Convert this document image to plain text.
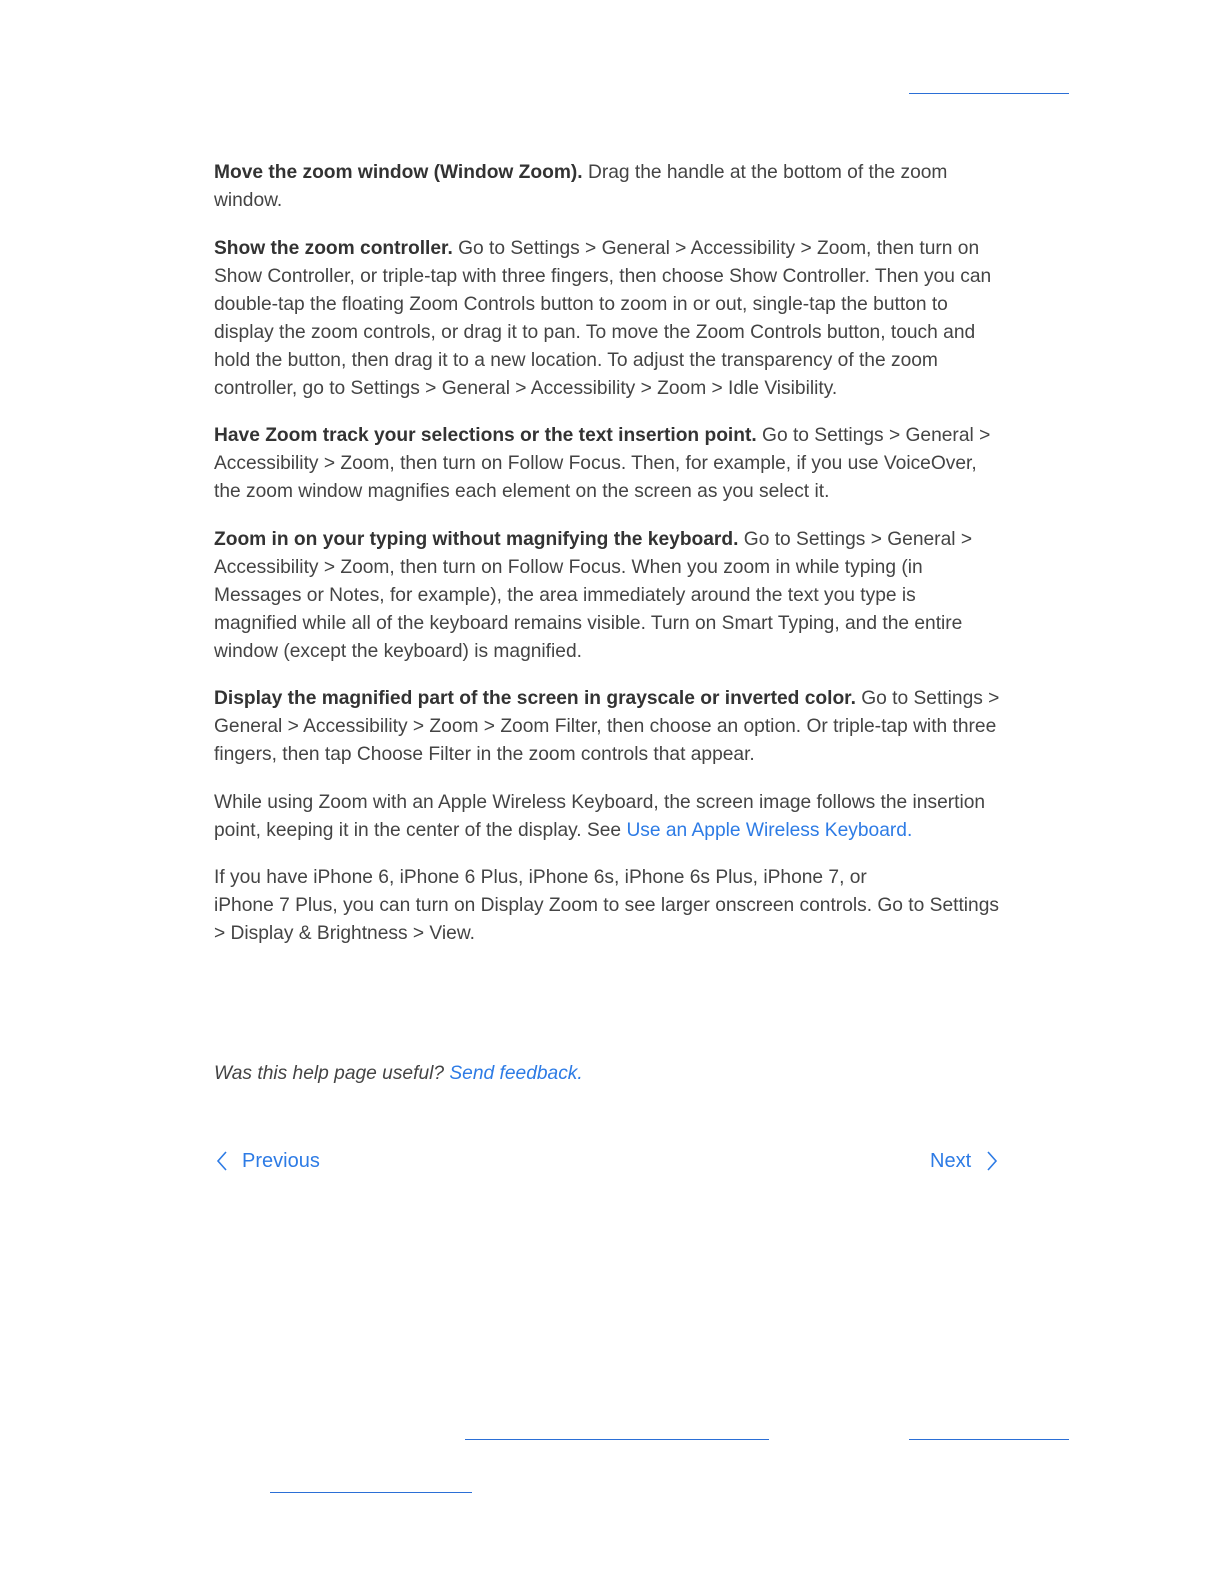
Move the zoom window (Window Zoom). Drag the handle at the bottom of the zoom window.

Show the zoom controller. Go to Settings > General > Accessibility > Zoom, then turn on Show Controller, or triple-tap with three fingers, then choose Show Controller. Then you can double-tap the floating Zoom Controls button to zoom in or out, single-tap the button to display the zoom controls, or drag it to pan. To move the Zoom Controls button, touch and hold the button, then drag it to a new location. To adjust the transparency of the zoom controller, go to Settings > General > Accessibility > Zoom > Idle Visibility.

Have Zoom track your selections or the text insertion point. Go to Settings > General > Accessibility > Zoom, then turn on Follow Focus. Then, for example, if you use VoiceOver, the zoom window magnifies each element on the screen as you select it.

Zoom in on your typing without magnifying the keyboard. Go to Settings > General > Accessibility > Zoom, then turn on Follow Focus. When you zoom in while typing (in Messages or Notes, for example), the area immediately around the text you type is magnified while all of the keyboard remains visible. Turn on Smart Typing, and the entire window (except the keyboard) is magnified.

Display the magnified part of the screen in grayscale or inverted color. Go to Settings > General > Accessibility > Zoom > Zoom Filter, then choose an option. Or triple-tap with three fingers, then tap Choose Filter in the zoom controls that appear.

While using Zoom with an Apple Wireless Keyboard, the screen image follows the insertion point, keeping it in the center of the display. See Use an Apple Wireless Keyboard.

If you have iPhone 6, iPhone 6 Plus, iPhone 6s, iPhone 6s Plus, iPhone 7, or
iPhone 7 Plus, you can turn on Display Zoom to see larger onscreen controls. Go to Settings > Display & Brightness > View.

Was this help page useful? Send feedback.
Previous	Next
